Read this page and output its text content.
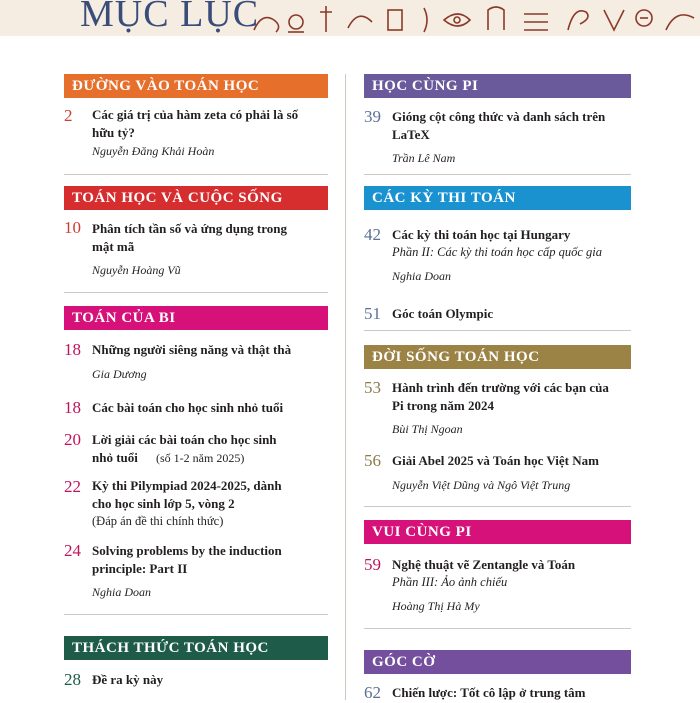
MỤC LỤC
ĐƯỜNG VÀO TOÁN HỌC
2 Các giá trị của hàm zeta có phải là số
hữu tỷ?
Nguyễn Đăng Khải Hoàn
TOÁN HỌC VÀ CUỘC SỐNG
10 Phân tích tần số và ứng dụng trong
mật mã
Nguyễn Hoàng Vũ
TOÁN CỦA BI
18 Những người siêng năng và thật thà
Gia Dương
18 Các bài toán cho học sinh nhỏ tuổi
20 Lời giải các bài toán cho học sinh
nhỏ tuổi (số 1-2 năm 2025)
22 Kỳ thi Pilympiad 2024-2025, dành
cho học sinh lớp 5, vòng 2
(Đáp án đề thi chính thức)
24 Solving problems by the induction
principle: Part II
Nghia Doan
THÁCH THỨC TOÁN HỌC
28 Đề ra kỳ này
HỌC CÙNG PI
39 Gióng cột công thức và danh sách trên
LaTeX
Trần Lê Nam
CÁC KỲ THI TOÁN
42 Các kỳ thi toán học tại Hungary
Phần II: Các kỳ thi toán học cấp quốc gia
Nghia Doan
51 Góc toán Olympic
ĐỜI SỐNG TOÁN HỌC
53 Hành trình đến trường với các bạn của
Pi trong năm 2024
Bùi Thị Ngoan
56 Giải Abel 2025 và Toán học Việt Nam
Nguyễn Việt Dũng và Ngô Việt Trung
VUI CÙNG PI
59 Nghệ thuật vẽ Zentangle và Toán
Phần III: Ảo ảnh chiếu
Hoàng Thị Hà My
GÓC CỜ
62 Chiến lược: Tốt cô lập ở trung tâm
